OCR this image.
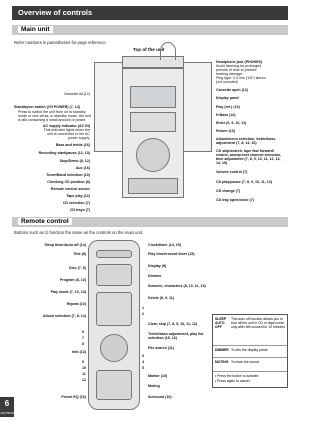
Overview of controls
Main unit
Refer numbers in parentheses for page reference.
Top of the unit
Cassette lid (12)
Standby/on switch (⏻/I POWER) (7, 14)
Press to switch the unit from on to standby
mode or vice versa. In standby mode, the unit
is still consuming a small amount of power.
AC supply indicator (AC IN)
This indicator lights when the
unit is connected to the AC
power supply.
Bass and treble (16)
Recording start/pause (12, 13)
Stop/Demo (8, 12)
Aux (16)
Tuner/Band selection (10)
Checking CD position (8)
Remote control sensor
Tape play (12)
CD selection (7)
CD trays (7)
Headphone jack (PHONES)
Avoid listening for prolonged
periods of time to prevent
hearing damage.
Plug type: 3.5 mm (1/8") stereo
(not included)
Cassette open (12)
Display panel
Play (ref.) (10)
H.Bass (16)
Enter (6, 9, 10, 11)
Return (10)
Album/menu selection, treble/bass
adjustment (7, 8, 14, 16)
CD skip/search, tape fast forward/
rewind, tune/preset channel selection,
time adjustment (7, 8, 9, 10, 11, 12, 13,
14, 15)
Volume control (7)
CD play/pause (7, 8, 9, 10, 11, 13)
CD change (7)
CD tray open/close (7)
Remote control
Buttons such as ⏻ function the same as the controls on the main unit.
Sleep timer/Auto off (14)
Title (8)
Disc (7, 8)
Program (8, 10)
Play mode (7, 10, 13)
Repeat (10)
Album selection (7, 8, 14)
Info (13)
Preset EQ (16)
Clock/timer (14, 15)
Play timer/record timer (15)
Display (9)
Dimmer
Numeric, characters (8, 10, 11, 13)
Delete (8, 9, 11)
Clear, skip (7, 8, 9, 10, 11, 12)
Treble/bass adjustment, play list selection (15, 16)
File search (11)
Marker (10)
Muting
Surround (16)
1
2
3
4
5
6
7
8
9
10
11
12
SLEEP AUTO OFF
This auto off function allows you to turn off the unit in CD or tape mode only after left unused for 10 minutes.
DIMMER To dim the display panel.
MUTING To mute the sound.
• Press the button to activate.
• Press again to cancel.
6
RQT8048
